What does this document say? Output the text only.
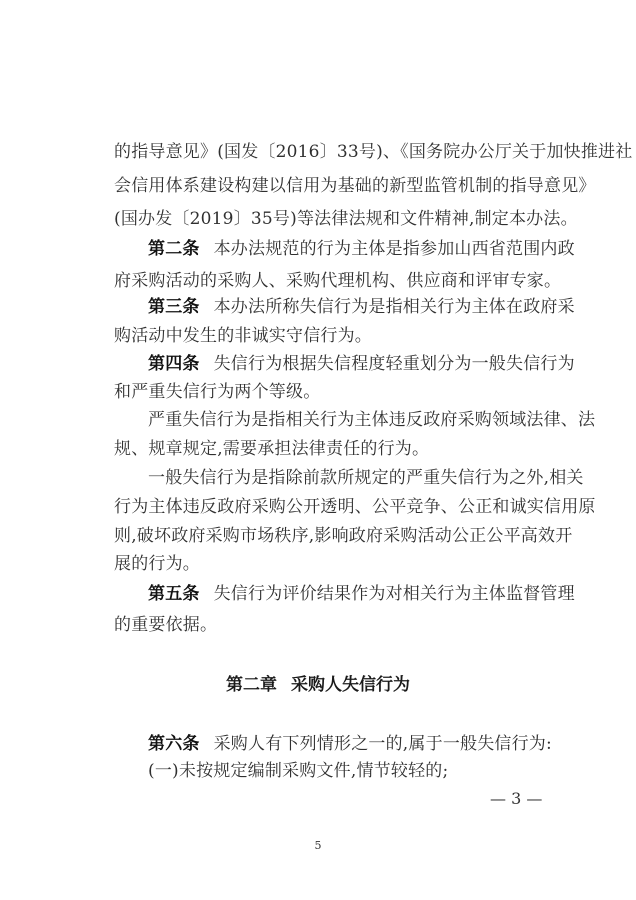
的指导意见》(国发〔2016〕33号)、《国务院办公厅关于加快推进社
会信用体系建设构建以信用为基础的新型监管机制的指导意见》
(国办发〔2019〕35号)等法律法规和文件精神,制定本办法。
第二条 本办法规范的行为主体是指参加山西省范围内政
府采购活动的采购人、采购代理机构、供应商和评审专家。
第三条 本办法所称失信行为是指相关行为主体在政府采
购活动中发生的非诚实守信行为。
第四条 失信行为根据失信程度轻重划分为一般失信行为
和严重失信行为两个等级。
严重失信行为是指相关行为主体违反政府采购领域法律、法
规、规章规定,需要承担法律责任的行为。
一般失信行为是指除前款所规定的严重失信行为之外,相关
行为主体违反政府采购公开透明、公平竞争、公正和诚实信用原
则,破坏政府采购市场秩序,影响政府采购活动公正公平高效开
展的行为。
第五条 失信行为评价结果作为对相关行为主体监督管理
的重要依据。
第二章 采购人失信行为
第六条 采购人有下列情形之一的,属于一般失信行为:
(一)未按规定编制采购文件,情节较轻的;
— 3 —
5
